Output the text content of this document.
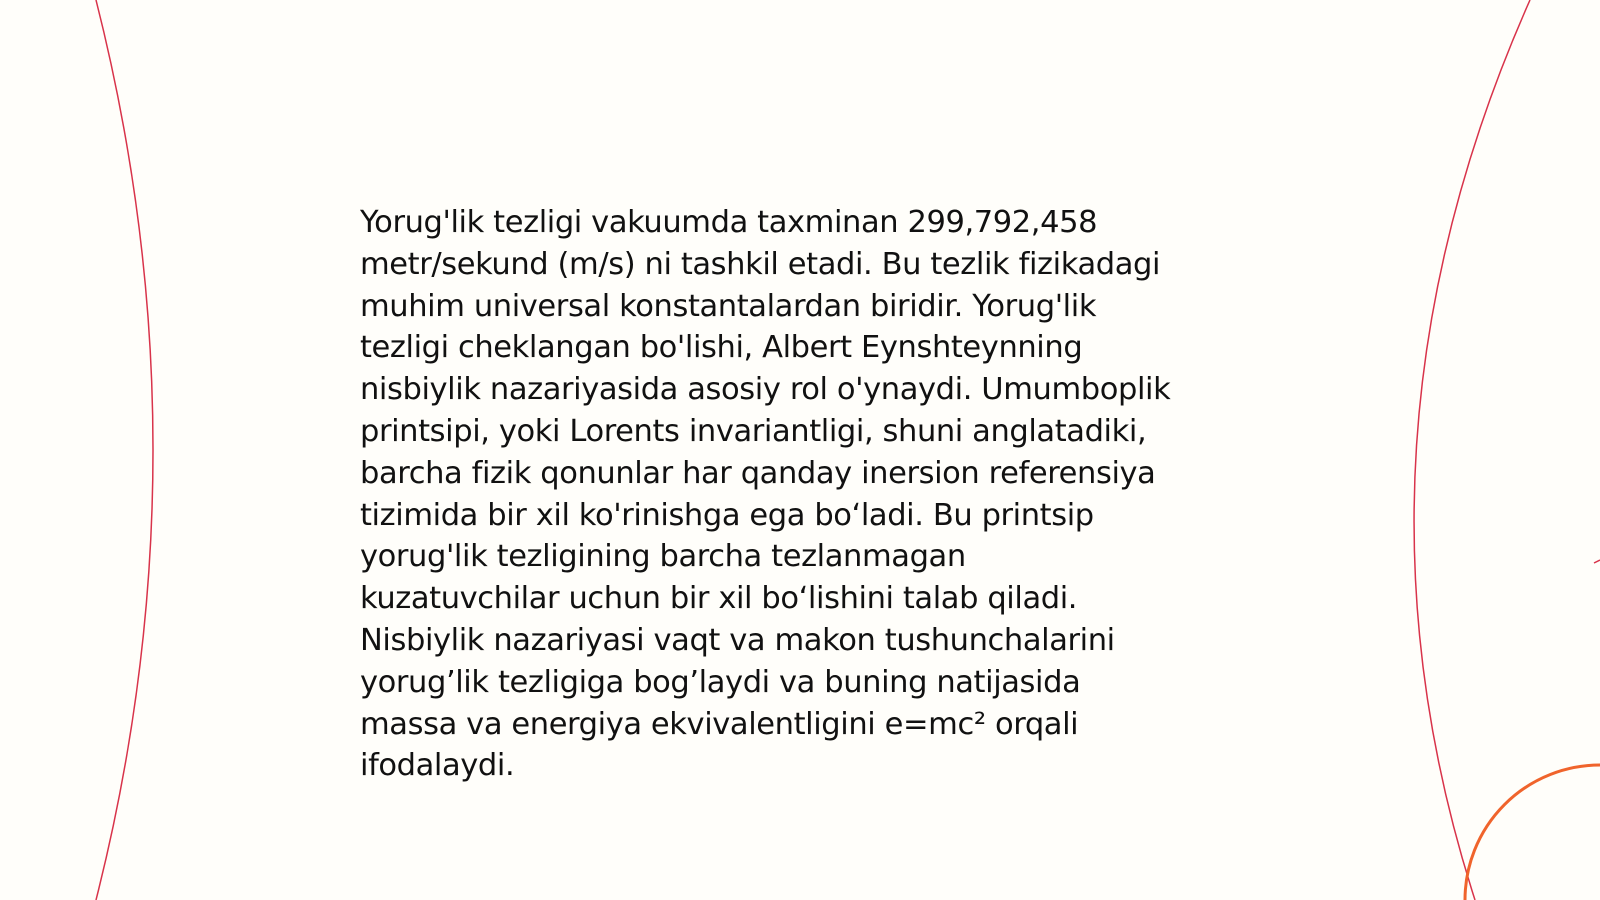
Yorug'lik tezligi vakuumda taxminan 299,792,458
metr/sekund (m/s) ni tashkil etadi. Bu tezlik fizikadagi
muhim universal konstantalardan biridir. Yorug'lik
tezligi cheklangan bo'lishi, Albert Eynshteynning
nisbiylik nazariyasida asosiy rol o'ynaydi. Umumboplik
printsipi, yoki Lorents invariantligi, shuni anglatadiki,
barcha fizik qonunlar har qanday inersion referensiya
tizimida bir xil ko'rinishga ega bo‘ladi. Bu printsip
yorug'lik tezligining barcha tezlanmagan
kuzatuvchilar uchun bir xil bo‘lishini talab qiladi.
Nisbiylik nazariyasi vaqt va makon tushunchalarini
yorug’lik tezligiga bog’laydi va buning natijasida
massa va energiya ekvivalentligini e=mc² orqali
ifodalaydi.
